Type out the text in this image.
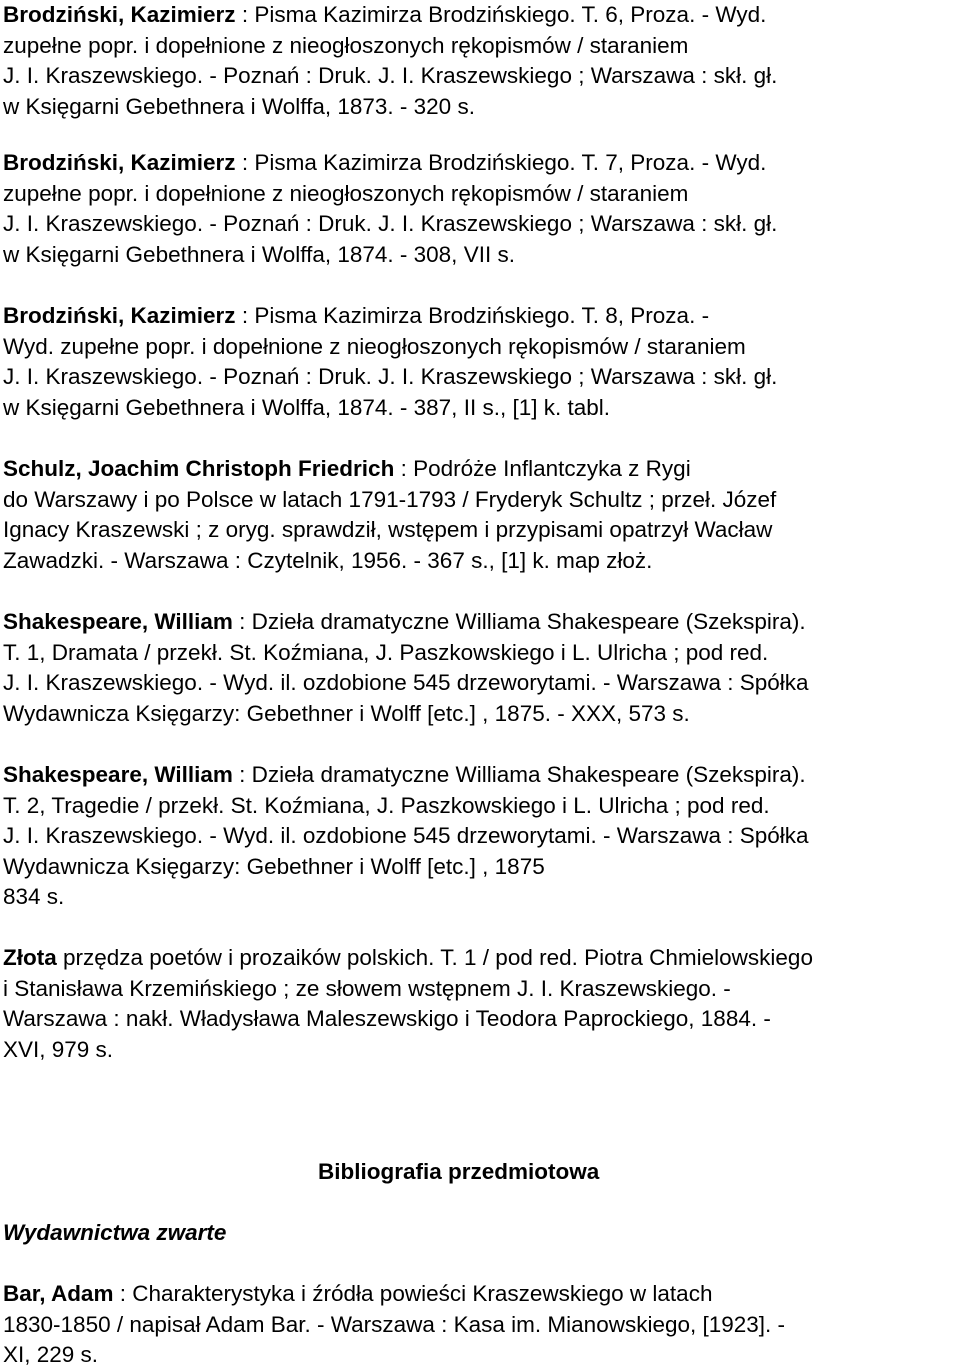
Brodziński, Kazimierz : Pisma Kazimirza Brodzińskiego. T. 6, Proza. - Wyd.
zupełne popr. i dopełnione z nieogłoszonych rękopismów / staraniem
J. I. Kraszewskiego. - Poznań : Druk. J. I. Kraszewskiego ; Warszawa : skł. gł.
w Księgarni Gebethnera i Wolffa, 1873. - 320 s.

Brodziński, Kazimierz : Pisma Kazimirza Brodzińskiego. T. 7, Proza. - Wyd.
zupełne popr. i dopełnione z nieogłoszonych rękopismów / staraniem
J. I. Kraszewskiego. - Poznań : Druk. J. I. Kraszewskiego ; Warszawa : skł. gł.
w Księgarni Gebethnera i Wolffa, 1874. - 308, VII s.

Brodziński, Kazimierz : Pisma Kazimirza Brodzińskiego. T. 8, Proza. -
Wyd. zupełne popr. i dopełnione z nieogłoszonych rękopismów / staraniem
J. I. Kraszewskiego. - Poznań : Druk. J. I. Kraszewskiego ; Warszawa : skł. gł.
w Księgarni Gebethnera i Wolffa, 1874. - 387, II s., [1] k. tabl.

Schulz, Joachim Christoph Friedrich : Podróże Inflantczyka z Rygi
do Warszawy i po Polsce w latach 1791-1793 / Fryderyk Schultz ; przeł. Józef
Ignacy Kraszewski ; z oryg. sprawdził, wstępem i przypisami opatrzył Wacław
Zawadzki. - Warszawa : Czytelnik, 1956. - 367 s., [1] k. map złoż.

Shakespeare, William : Dzieła dramatyczne Williama Shakespeare (Szekspira).
T. 1, Dramata / przekł. St. Koźmiana, J. Paszkowskiego i L. Ulricha ; pod red.
J. I. Kraszewskiego. - Wyd. il. ozdobione 545 drzeworytami. - Warszawa : Spółka
Wydawnicza Księgarzy: Gebethner i Wolff [etc.] , 1875. - XXX, 573 s.

Shakespeare, William : Dzieła dramatyczne Williama Shakespeare (Szekspira).
T. 2, Tragedie / przekł. St. Koźmiana, J. Paszkowskiego i L. Ulricha ; pod red.
J. I. Kraszewskiego. - Wyd. il. ozdobione 545 drzeworytami. - Warszawa : Spółka
Wydawnicza Księgarzy: Gebethner i Wolff [etc.] , 1875
834 s.

Złota przędza poetów i prozaików polskich. T. 1 / pod red. Piotra Chmielowskiego
i Stanisława Krzemińskiego ; ze słowem wstępnem J. I. Kraszewskiego. -
Warszawa : nakł. Władysława Maleszewskigo i Teodora Paprockiego, 1884. -
XVI, 979 s.

Bibliografia przedmiotowa
Wydawnictwa zwarte

Bar, Adam : Charakterystyka i źródła powieści Kraszewskiego w latach
1830-1850 / napisał Adam Bar. - Warszawa : Kasa im. Mianowskiego, [1923]. -
XI, 229 s.
